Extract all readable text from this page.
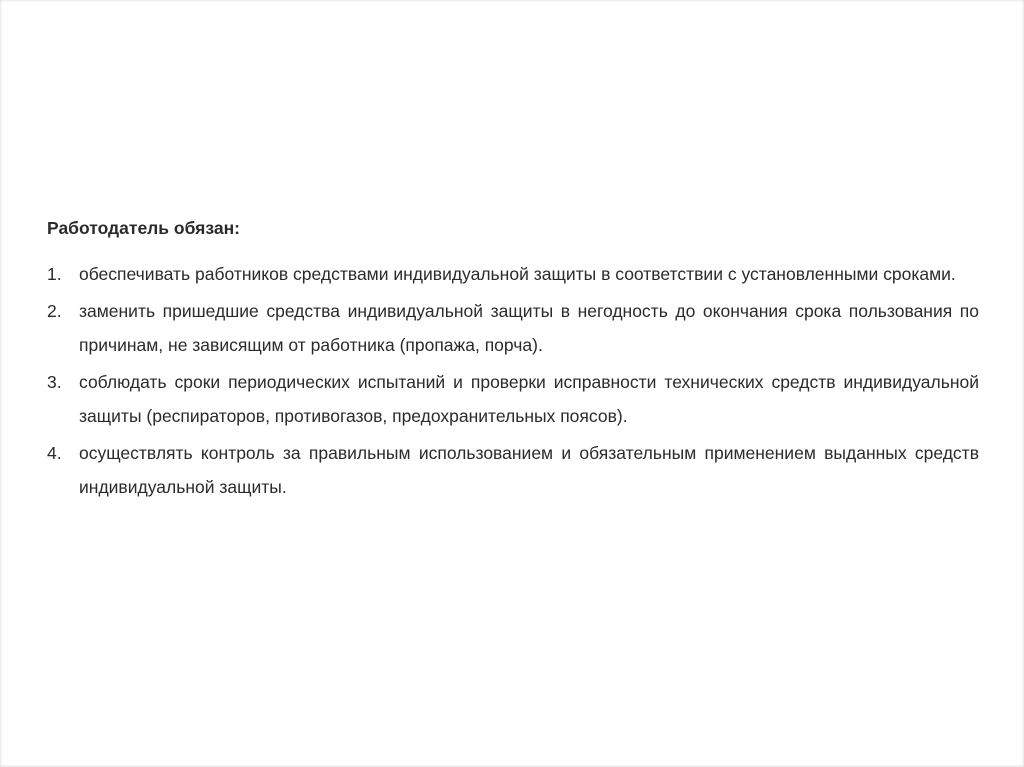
Работодатель обязан:
1. обеспечивать работников средствами индивидуальной защиты в соответствии с установленными сроками.
2. заменить пришедшие средства индивидуальной защиты в негодность до окончания срока пользования по причинам, не зависящим от работника (пропажа, порча).
3. соблюдать сроки периодических испытаний и проверки исправности технических средств индивидуальной защиты (респираторов, противогазов, предохранительных поясов).
4. осуществлять контроль за правильным использованием и обязательным применением выданных средств индивидуальной защиты.
